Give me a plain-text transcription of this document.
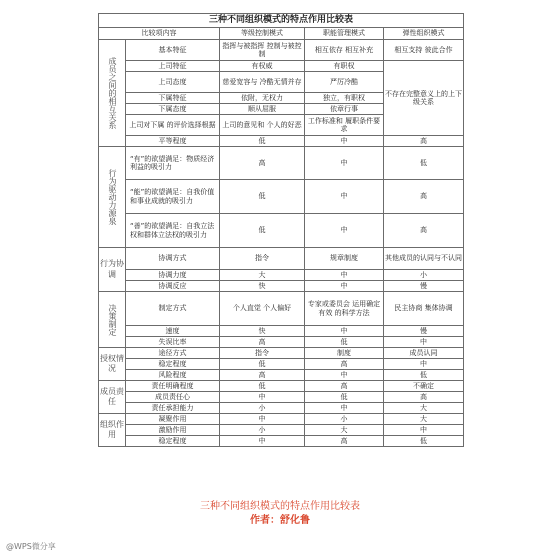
三种不同组织模式的特点作用比较表				
比较项内容		等级控制模式	职能管理模式	弹性组织模式
成员之间的相互关系	基本特征	指挥与被指挥 控制与被控制	相互依存 相互补充	相互支持 彼此合作
	上司特征	有权威	有职权	不存在完整意义上的上下级关系
	上司态度	慈爱宽容与 冷酷无情并存	严厉冷酷	
	下属特征	依附，无权力	独立，有职权	
	下属态度	顺从屈服	依章行事	
	上司对下属 的评价选择根据	上司的意见和 个人的好恶	工作标准和 履职条件要求	
	平等程度	低	中	高
行为驱动力源泉	“有”的欲望满足：物质经济利益的吸引力	高	中	低
	“能”的欲望满足：自我价值和事业成就的吸引力	低	中	高
	“善”的欲望满足：自我立法权和群体立法权的吸引力	低	中	高
行为协调	协调方式	指令	规章制度	其他成员的认同与不认同
	协调力度	大	中	小
	协调反应	快	中	慢
决策制定	制定方式	个人直觉 个人偏好	专家或委员会 运用确定有效 的科学方法	民主协商 集体协调
	速度	快	中	慢
	失误比率	高	低	中
授权情况	途径方式	指令	制度	成员认同
	稳定程度	低	高	中
	风险程度	高	中	低
成员责任	责任明确程度	低	高	不确定
	成员责任心	中	低	高
	责任承担能力	小	中	大
组织作用	凝聚作用	中	小	大
	激励作用	小	大	中
	稳定程度	中	高	低
三种不同组织模式的特点作用比较表
作者：舒化鲁
@WPS微分享
